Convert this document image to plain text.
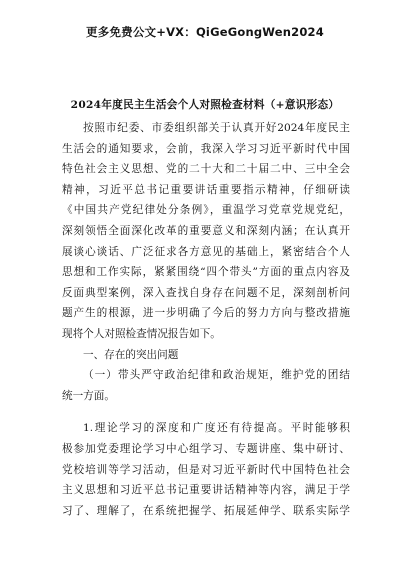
更多免费公文+VX：QiGeGongWen2024
2024年度民主生活会个人对照检查材料（+意识形态）
按照市纪委、市委组织部关于认真开好2024年度民主
生活会的通知要求，会前，我深入学习习近平新时代中国
特色社会主义思想、党的二十大和二十届二中、三中全会
精神，习近平总书记重要讲话重要指示精神，仔细研读
《中国共产党纪律处分条例》，重温学习党章党规党纪，
深刻领悟全面深化改革的重要意义和深刻内涵；在认真开
展谈心谈话、广泛征求各方意见的基础上，紧密结合个人
思想和工作实际，紧紧围绕“四个带头”方面的重点内容及
反面典型案例，深入查找自身存在问题不足，深刻剖析问
题产生的根源，进一步明确了今后的努力方向与整改措施
现将个人对照检查情况报告如下。
一、存在的突出问题
（一）带头严守政治纪律和政治规矩，维护党的团结
统一方面。
1.理论学习的深度和广度还有待提高。平时能够积
极参加党委理论学习中心组学习、专题讲座、集中研讨、
党校培训等学习活动，但是对习近平新时代中国特色社会
主义思想和习近平总书记重要讲话精神等内容，满足于学
习了、理解了，在系统把握学、拓展延伸学、联系实际学
